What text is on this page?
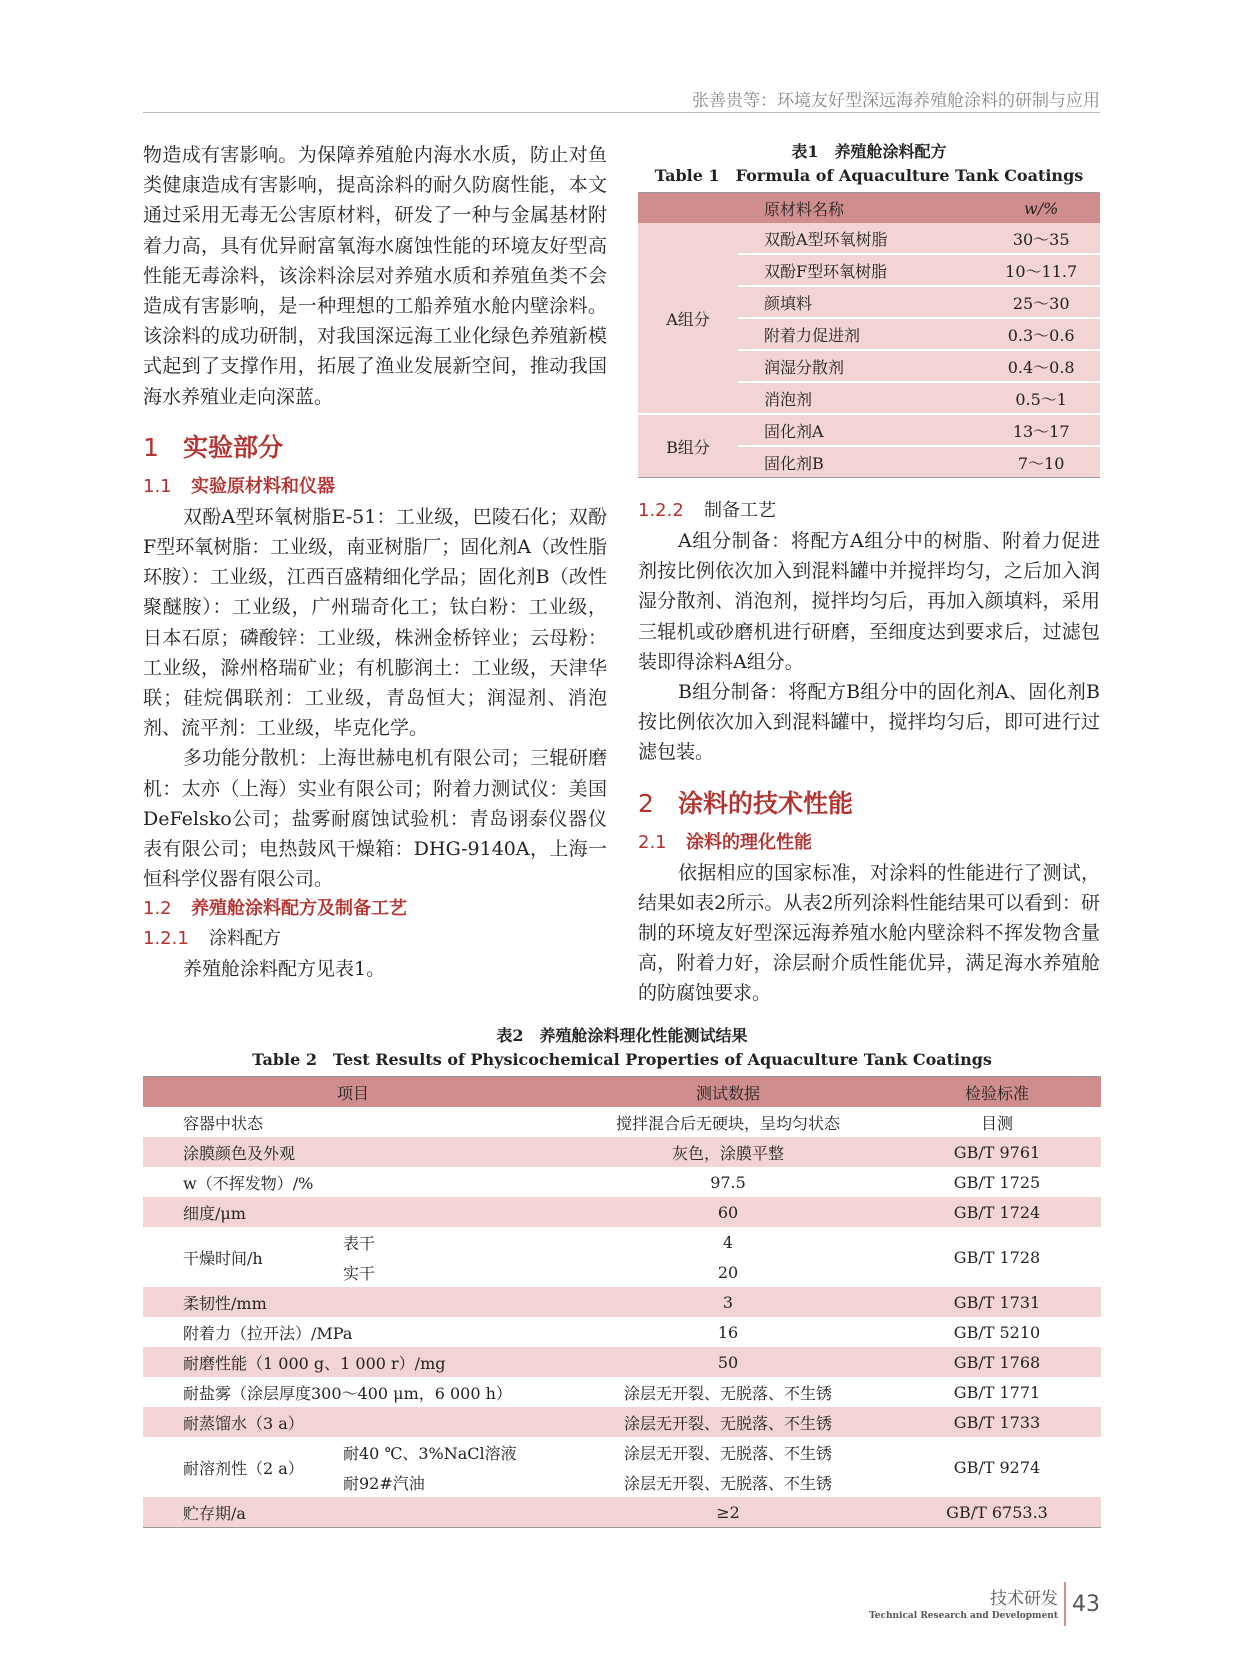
张善贵等：环境友好型深远海养殖舱涂料的研制与应用

物造成有害影响。为保障养殖舱内海水水质，防止对鱼类健康造成有害影响，提高涂料的耐久防腐性能，本文通过采用无毒无公害原材料，研发了一种与金属基材附着力高，具有优异耐富氧海水腐蚀性能的环境友好型高性能无毒涂料，该涂料涂层对养殖水质和养殖鱼类不会造成有害影响，是一种理想的工船养殖水舱内壁涂料。该涂料的成功研制，对我国深远海工业化绿色养殖新模式起到了支撑作用，拓展了渔业发展新空间，推动我国海水养殖业走向深蓝。

1 实验部分
1.1 实验原材料和仪器

双酚A型环氧树脂E-51：工业级，巴陵石化；双酚F型环氧树脂：工业级，南亚树脂厂；固化剂A（改性脂环胺）：工业级，江西百盛精细化学品；固化剂B（改性聚醚胺）：工业级，广州瑞奇化工；钛白粉：工业级，日本石原；磷酸锌：工业级，株洲金桥锌业；云母粉：工业级，滁州格瑞矿业；有机膨润土：工业级，天津华联；硅烷偶联剂：工业级，青岛恒大；润湿剂、消泡剂、流平剂：工业级，毕克化学。

多功能分散机：上海世赫电机有限公司；三辊研磨机：太亦（上海）实业有限公司；附着力测试仪：美国DeFelsko公司；盐雾耐腐蚀试验机：青岛诩泰仪器仪表有限公司；电热鼓风干燥箱：DHG-9140A，上海一恒科学仪器有限公司。

1.2 养殖舱涂料配方及制备工艺
1.2.1 涂料配方

养殖舱涂料配方见表1。

表1　养殖舱涂料配方
Table 1　Formula of Aquaculture Tank Coatings
	原材料名称	w/%
A组分	双酚A型环氧树脂	30～35
	双酚F型环氧树脂	10～11.7
	颜填料	25～30
	附着力促进剂	0.3～0.6
	润湿分散剂	0.4～0.8
	消泡剂	0.5～1
B组分	固化剂A	13～17
	固化剂B	7～10
1.2.2 制备工艺

A组分制备：将配方A组分中的树脂、附着力促进剂按比例依次加入到混料罐中并搅拌均匀，之后加入润湿分散剂、消泡剂，搅拌均匀后，再加入颜填料，采用三辊机或砂磨机进行研磨，至细度达到要求后，过滤包装即得涂料A组分。

B组分制备：将配方B组分中的固化剂A、固化剂B按比例依次加入到混料罐中，搅拌均匀后，即可进行过滤包装。

2 涂料的技术性能
2.1 涂料的理化性能

依据相应的国家标准，对涂料的性能进行了测试，结果如表2所示。从表2所列涂料性能结果可以看到：研制的环境友好型深远海养殖水舱内壁涂料不挥发物含量高，附着力好，涂层耐介质性能优异，满足海水养殖舱的防腐蚀要求。

表2　养殖舱涂料理化性能测试结果
Table 2　Test Results of Physicochemical Properties of Aquaculture Tank Coatings
项目		测试数据	检验标准
容器中状态		搅拌混合后无硬块，呈均匀状态	目测
涂膜颜色及外观		灰色，涂膜平整	GB/T 9761
w（不挥发物）/%		97.5	GB/T 1725
细度/μm		60	GB/T 1724
干燥时间/h	表干	4	GB/T 1728
	实干	20	
柔韧性/mm		3	GB/T 1731
附着力（拉开法）/MPa		16	GB/T 5210
耐磨性能（1 000 g、1 000 r）/mg		50	GB/T 1768
耐盐雾（涂层厚度300～400 μm，6 000 h）		涂层无开裂、无脱落、不生锈	GB/T 1771
耐蒸馏水（3 a）		涂层无开裂、无脱落、不生锈	GB/T 1733
耐溶剂性（2 a）	耐40 ℃、3%NaCl溶液	涂层无开裂、无脱落、不生锈	GB/T 9274
	耐92#汽油	涂层无开裂、无脱落、不生锈	
贮存期/a		≥2	GB/T 6753.3
技术研发
Technical Research and Development 43
